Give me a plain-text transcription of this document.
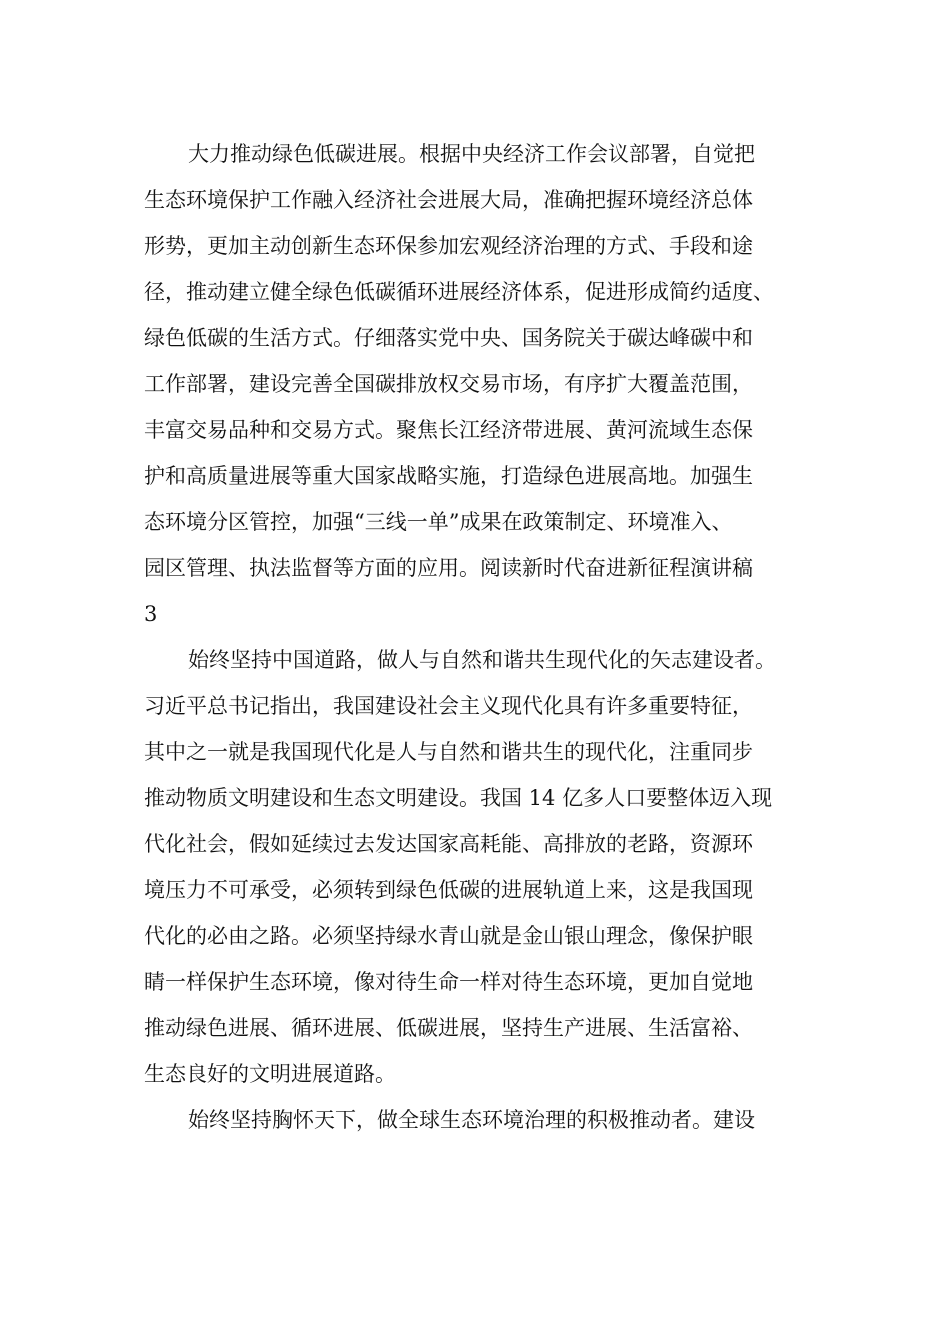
大力推动绿色低碳进展。根据中央经济工作会议部署，自觉把
生态环境保护工作融入经济社会进展大局，准确把握环境经济总体
形势，更加主动创新生态环保参加宏观经济治理的方式、手段和途
径，推动建立健全绿色低碳循环进展经济体系，促进形成简约适度、
绿色低碳的生活方式。仔细落实党中央、国务院关于碳达峰碳中和
工作部署，建设完善全国碳排放权交易市场，有序扩大覆盖范围，
丰富交易品种和交易方式。聚焦长江经济带进展、黄河流域生态保
护和高质量进展等重大国家战略实施，打造绿色进展高地。加强生
态环境分区管控，加强“三线一单”成果在政策制定、环境准入、
园区管理、执法监督等方面的应用。阅读新时代奋进新征程演讲稿
3
始终坚持中国道路，做人与自然和谐共生现代化的矢志建设者。
习近平总书记指出，我国建设社会主义现代化具有许多重要特征，
其中之一就是我国现代化是人与自然和谐共生的现代化，注重同步
推动物质文明建设和生态文明建设。我国 14 亿多人口要整体迈入现
代化社会，假如延续过去发达国家高耗能、高排放的老路，资源环
境压力不可承受，必须转到绿色低碳的进展轨道上来，这是我国现
代化的必由之路。必须坚持绿水青山就是金山银山理念，像保护眼
睛一样保护生态环境，像对待生命一样对待生态环境，更加自觉地
推动绿色进展、循环进展、低碳进展，坚持生产进展、生活富裕、
生态良好的文明进展道路。
始终坚持胸怀天下，做全球生态环境治理的积极推动者。建设
